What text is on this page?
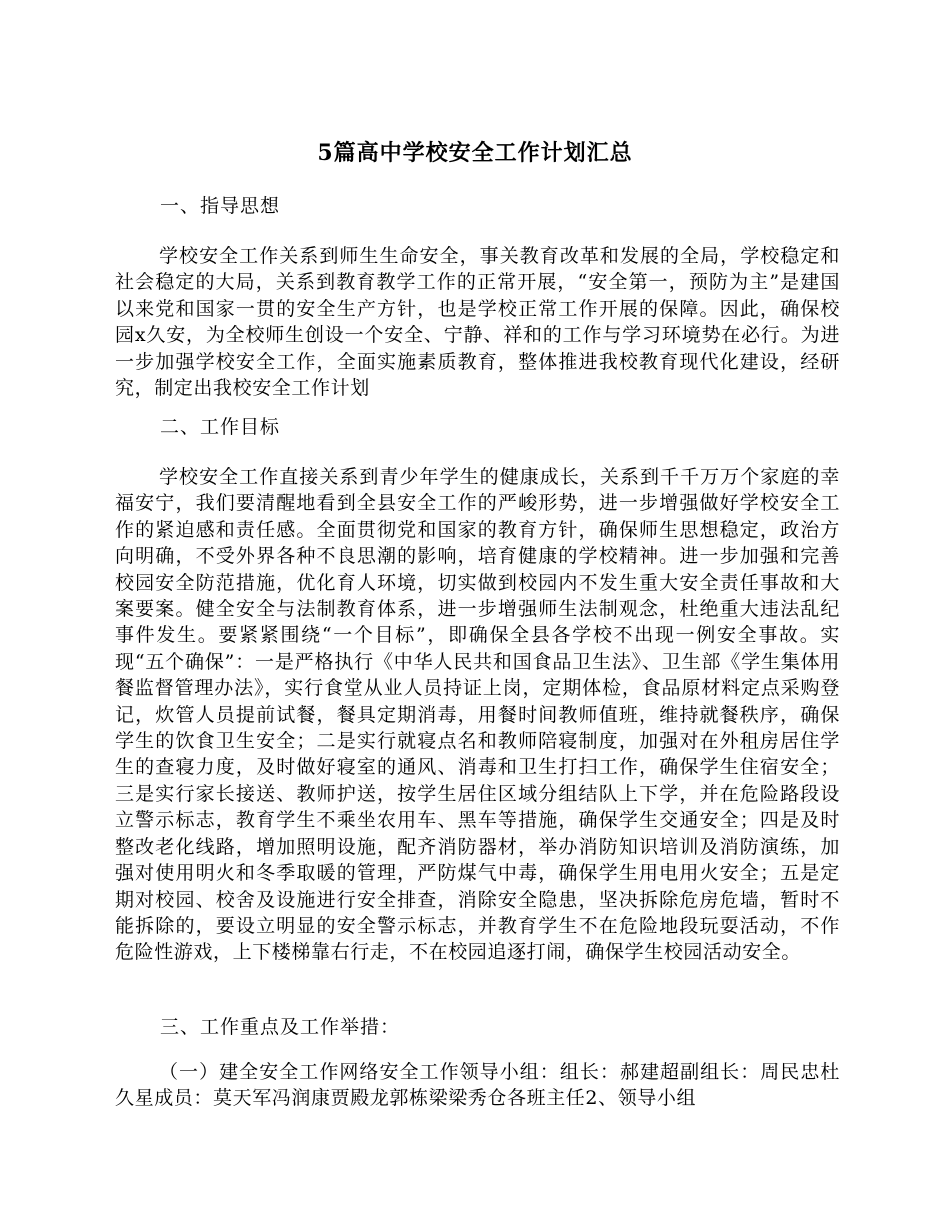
5篇高中学校安全工作计划汇总
一、指导思想
学校安全工作关系到师生生命安全，事关教育改革和发展的全局，学校稳定和社会稳定的大局，关系到教育教学工作的正常开展，“安全第一，预防为主”是建国以来党和国家一贯的安全生产方针，也是学校正常工作开展的保障。因此，确保校园x久安，为全校师生创设一个安全、宁静、祥和的工作与学习环境势在必行。为进一步加强学校安全工作，全面实施素质教育，整体推进我校教育现代化建设，经研究，制定出我校安全工作计划
二、工作目标
学校安全工作直接关系到青少年学生的健康成长，关系到千千万万个家庭的幸福安宁，我们要清醒地看到全县安全工作的严峻形势，进一步增强做好学校安全工作的紧迫感和责任感。全面贯彻党和国家的教育方针，确保师生思想稳定，政治方向明确，不受外界各种不良思潮的影响，培育健康的学校精神。进一步加强和完善校园安全防范措施，优化育人环境，切实做到校园内不发生重大安全责任事故和大案要案。健全安全与法制教育体系，进一步增强师生法制观念，杜绝重大违法乱纪事件发生。要紧紧围绕“一个目标”，即确保全县各学校不出现一例安全事故。实现“五个确保”：一是严格执行《中华人民共和国食品卫生法》、卫生部《学生集体用餐监督管理办法》，实行食堂从业人员持证上岗，定期体检，食品原材料定点采购登记，炊管人员提前试餐，餐具定期消毒，用餐时间教师值班，维持就餐秩序，确保学生的饮食卫生安全；二是实行就寝点名和教师陪寝制度，加强对在外租房居住学生的查寝力度，及时做好寝室的通风、消毒和卫生打扫工作，确保学生住宿安全；三是实行家长接送、教师护送，按学生居住区域分组结队上下学，并在危险路段设立警示标志，教育学生不乘坐农用车、黑车等措施，确保学生交通安全；四是及时整改老化线路，增加照明设施，配齐消防器材，举办消防知识培训及消防演练，加强对使用明火和冬季取暖的管理，严防煤气中毒，确保学生用电用火安全；五是定期对校园、校舍及设施进行安全排查，消除安全隐患，坚决拆除危房危墙，暂时不能拆除的，要设立明显的安全警示标志，并教育学生不在危险地段玩耍活动，不作危险性游戏，上下楼梯靠右行走，不在校园追逐打闹，确保学生校园活动安全。
三、工作重点及工作举措：
（一）建全安全工作网络安全工作领导小组：组长：郝建超副组长：周民忠杜久星成员：莫天军冯润康贾殿龙郭栋梁梁秀仓各班主任2、领导小组
